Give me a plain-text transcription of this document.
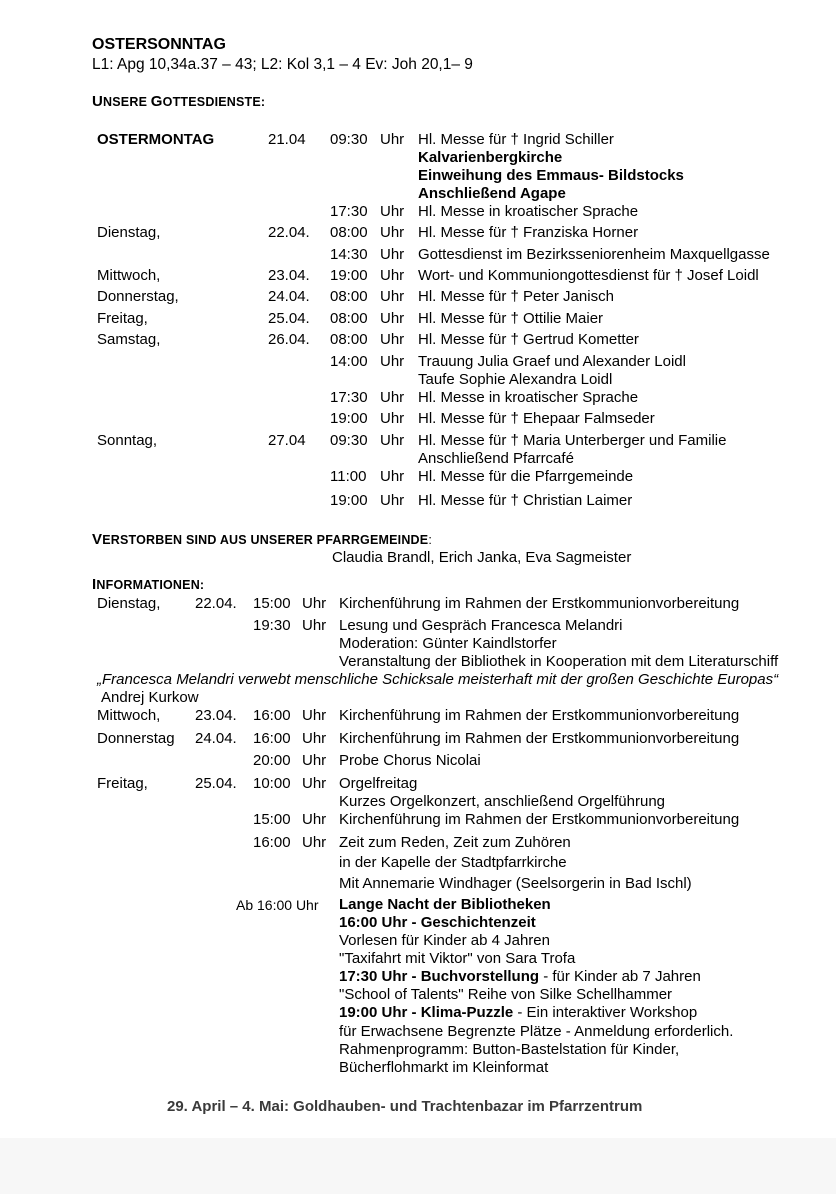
OSTERSONNTAG
L1: Apg 10,34a.37 – 43; L2: Kol 3,1 – 4 Ev: Joh 20,1– 9
UNSERE GOTTESDIENSTE:
OSTERMONTAG	21.04 09:30 Uhr Hl. Messe für † Ingrid Schiller
Kalvarienbergkirche
Einweihung des Emmaus- Bildstocks
Anschließend Agape
17:30 Uhr Hl. Messe in kroatischer Sprache
Dienstag,	22.04. 08:00 Uhr Hl. Messe für † Franziska Horner
14:30 Uhr Gottesdienst im Bezirksseniorenheim Maxquellgasse
Mittwoch,	23.04. 19:00 Uhr Wort- und Kommuniongottesdienst für † Josef Loidl
Donnerstag,	24.04. 08:00 Uhr Hl. Messe für † Peter Janisch
Freitag,	25.04. 08:00 Uhr Hl. Messe für † Ottilie Maier
Samstag,	26.04. 08:00 Uhr Hl. Messe für † Gertrud Kometter
14:00 Uhr Trauung Julia Graef und Alexander Loidl
Taufe Sophie Alexandra Loidl
17:30 Uhr Hl. Messe in kroatischer Sprache
19:00 Uhr Hl. Messe für † Ehepaar Falmseder
Sonntag,	27.04 09:30 Uhr Hl. Messe für † Maria Unterberger und Familie
Anschließend Pfarrcafé
11:00 Uhr Hl. Messe für die Pfarrgemeinde
19:00 Uhr Hl. Messe für † Christian Laimer
VERSTORBEN SIND AUS UNSERER PFARRGEMEINDE:
Claudia Brandl, Erich Janka, Eva Sagmeister
INFORMATIONEN:
Dienstag, 22.04. 15:00 Uhr Kirchenführung im Rahmen der Erstkommunionvorbereitung
19:30 Uhr Lesung und Gespräch Francesca Melandri
Moderation: Günter Kaindlstorfer
Veranstaltung der Bibliothek in Kooperation mit dem Literaturschiff
„Francesca Melandri verwebt menschliche Schicksale meisterhaft mit der großen Geschichte Europas“
Andrej Kurkow
Mittwoch, 23.04. 16:00 Uhr Kirchenführung im Rahmen der Erstkommunionvorbereitung
Donnerstag 24.04. 16:00 Uhr Kirchenführung im Rahmen der Erstkommunionvorbereitung
20:00 Uhr Probe Chorus Nicolai
Freitag,	25.04. 10:00 Uhr Orgelfreitag
Kurzes Orgelkonzert, anschließend Orgelführung
15:00 Uhr Kirchenführung im Rahmen der Erstkommunionvorbereitung
16:00 Uhr Zeit zum Reden, Zeit zum Zuhören
in der Kapelle der Stadtpfarrkirche
Mit Annemarie Windhager (Seelsorgerin in Bad Ischl)
Ab 16:00 Uhr Lange Nacht der Bibliotheken
16:00 Uhr - Geschichtenzeit
Vorlesen für Kinder ab 4 Jahren
"Taxifahrt mit Viktor" von Sara Trofa
17:30 Uhr - Buchvorstellung - für Kinder ab 7 Jahren
"School of Talents" Reihe von Silke Schellhammer
19:00 Uhr - Klima-Puzzle - Ein interaktiver Workshop
für Erwachsene Begrenzte Plätze - Anmeldung erforderlich.
Rahmenprogramm: Button-Bastelstation für Kinder,
Bücherflohmarkt im Kleinformat
29. April – 4. Mai: Goldhauben- und Trachtenbazar im Pfarrzentrum
